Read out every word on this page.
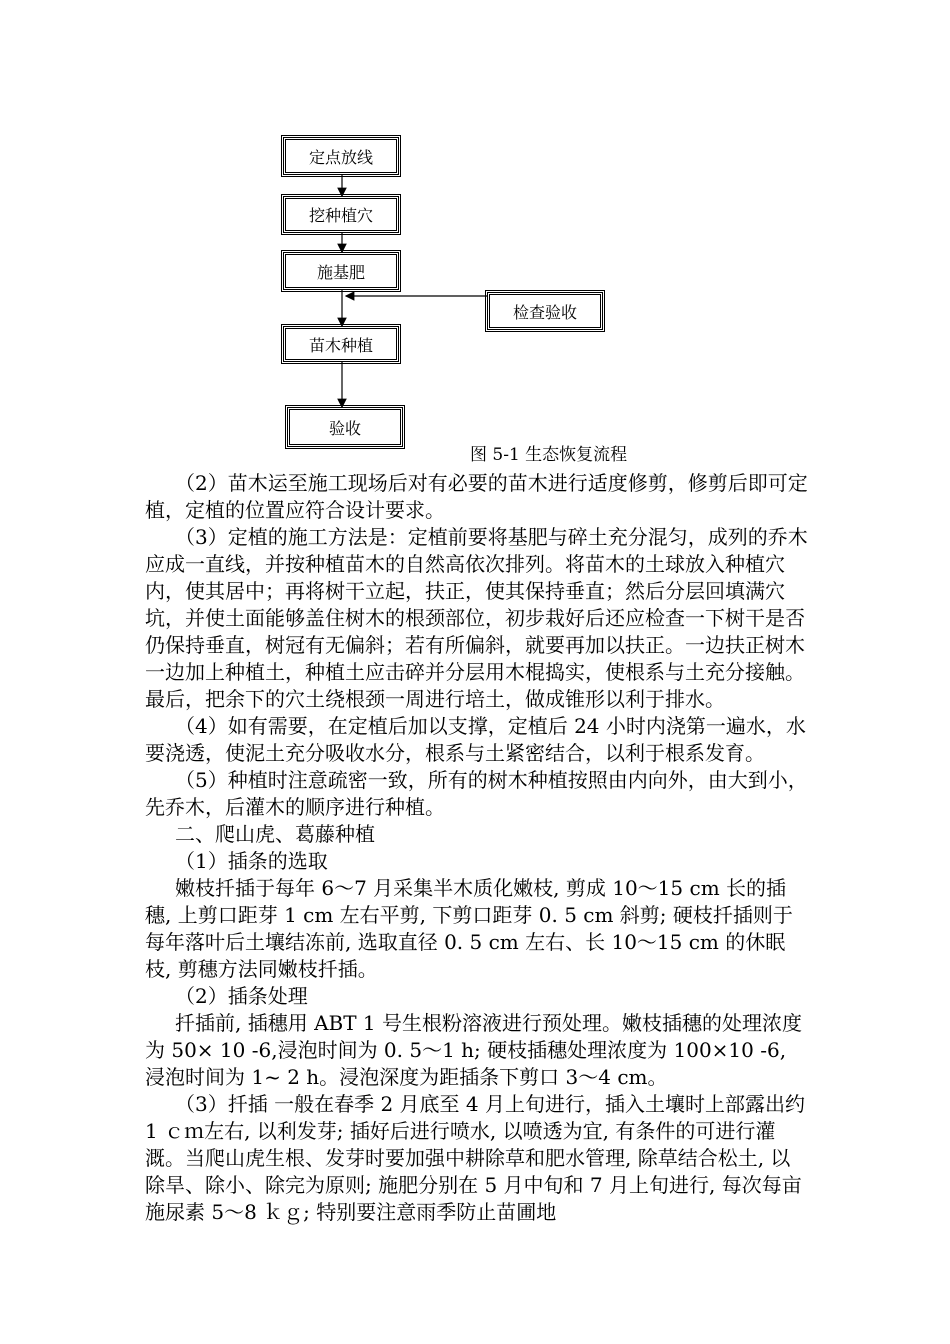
定点放线
挖种植穴
施基肥
检查验收
苗木种植
验收
图 5-1 生态恢复流程

（2）苗木运至施工现场后对有必要的苗木进行适度修剪，修剪后即可定植，定植的位置应符合设计要求。

（3）定植的施工方法是：定植前要将基肥与碎土充分混匀，成列的乔木应成一直线，并按种植苗木的自然高依次排列。将苗木的土球放入种植穴内，使其居中；再将树干立起，扶正，使其保持垂直；然后分层回填满穴坑，并使土面能够盖住树木的根颈部位，初步栽好后还应检查一下树干是否仍保持垂直，树冠有无偏斜；若有所偏斜，就要再加以扶正。一边扶正树木一边加上种植土，种植土应击碎并分层用木棍捣实，使根系与土充分接触。最后，把余下的穴土绕根颈一周进行培土，做成锥形以利于排水。

（4）如有需要，在定植后加以支撑，定植后 24 小时内浇第一遍水，水要浇透，使泥土充分吸收水分，根系与土紧密结合，以利于根系发育。

（5）种植时注意疏密一致，所有的树木种植按照由内向外，由大到小，先乔木，后灌木的顺序进行种植。

二、爬山虎、葛藤种植

（1）插条的选取

嫩枝扦插于每年 6～7 月采集半木质化嫩枝, 剪成 10～15 cm 长的插穗, 上剪口距芽 1 cm 左右平剪, 下剪口距芽 0. 5 cm 斜剪; 硬枝扦插则于每年落叶后土壤结冻前, 选取直径 0. 5 cm 左右、长 10～15 cm 的休眠枝, 剪穗方法同嫩枝扦插。

（2）插条处理

扦插前, 插穗用 ABT 1 号生根粉溶液进行预处理。嫩枝插穗的处理浓度为 50× 10 -6,浸泡时间为 0. 5～1 h; 硬枝插穗处理浓度为 100×10 -6, 浸泡时间为 1~ 2 h。浸泡深度为距插条下剪口 3～4 cm。

（3）扦插 一般在春季 2 月底至 4 月上旬进行，插入土壤时上部露出约 1 ｃｍ左右, 以利发芽; 插好后进行喷水, 以喷透为宜, 有条件的可进行灌溉。当爬山虎生根、发芽时要加强中耕除草和肥水管理, 除草结合松土, 以除旱、除小、除完为原则; 施肥分别在 5 月中旬和 7 月上旬进行, 每次每亩施尿素 5～8 ｋｇ; 特别要注意雨季防止苗圃地
